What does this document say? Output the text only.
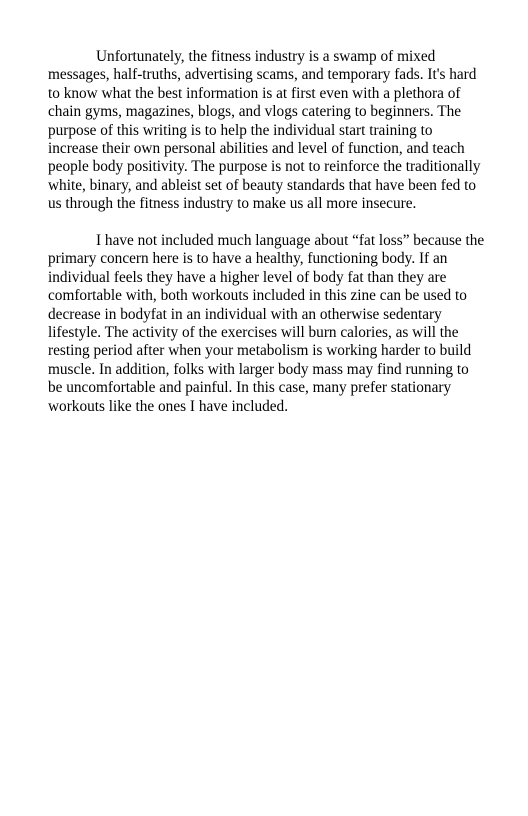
Unfortunately, the fitness industry is a swamp of mixed
messages, half-truths, advertising scams, and temporary fads. It's hard
to know what the best information is at first even with a plethora of
chain gyms, magazines, blogs, and vlogs catering to beginners. The
purpose of this writing is to help the individual start training to
increase their own personal abilities and level of function, and teach
people body positivity. The purpose is not to reinforce the traditionally
white, binary, and ableist set of beauty standards that have been fed to
us through the fitness industry to make us all more insecure.

I have not included much language about “fat loss” because the
primary concern here is to have a healthy, functioning body. If an
individual feels they have a higher level of body fat than they are
comfortable with, both workouts included in this zine can be used to
decrease in bodyfat in an individual with an otherwise sedentary
lifestyle. The activity of the exercises will burn calories, as will the
resting period after when your metabolism is working harder to build
muscle. In addition, folks with larger body mass may find running to
be uncomfortable and painful. In this case, many prefer stationary
workouts like the ones I have included.
